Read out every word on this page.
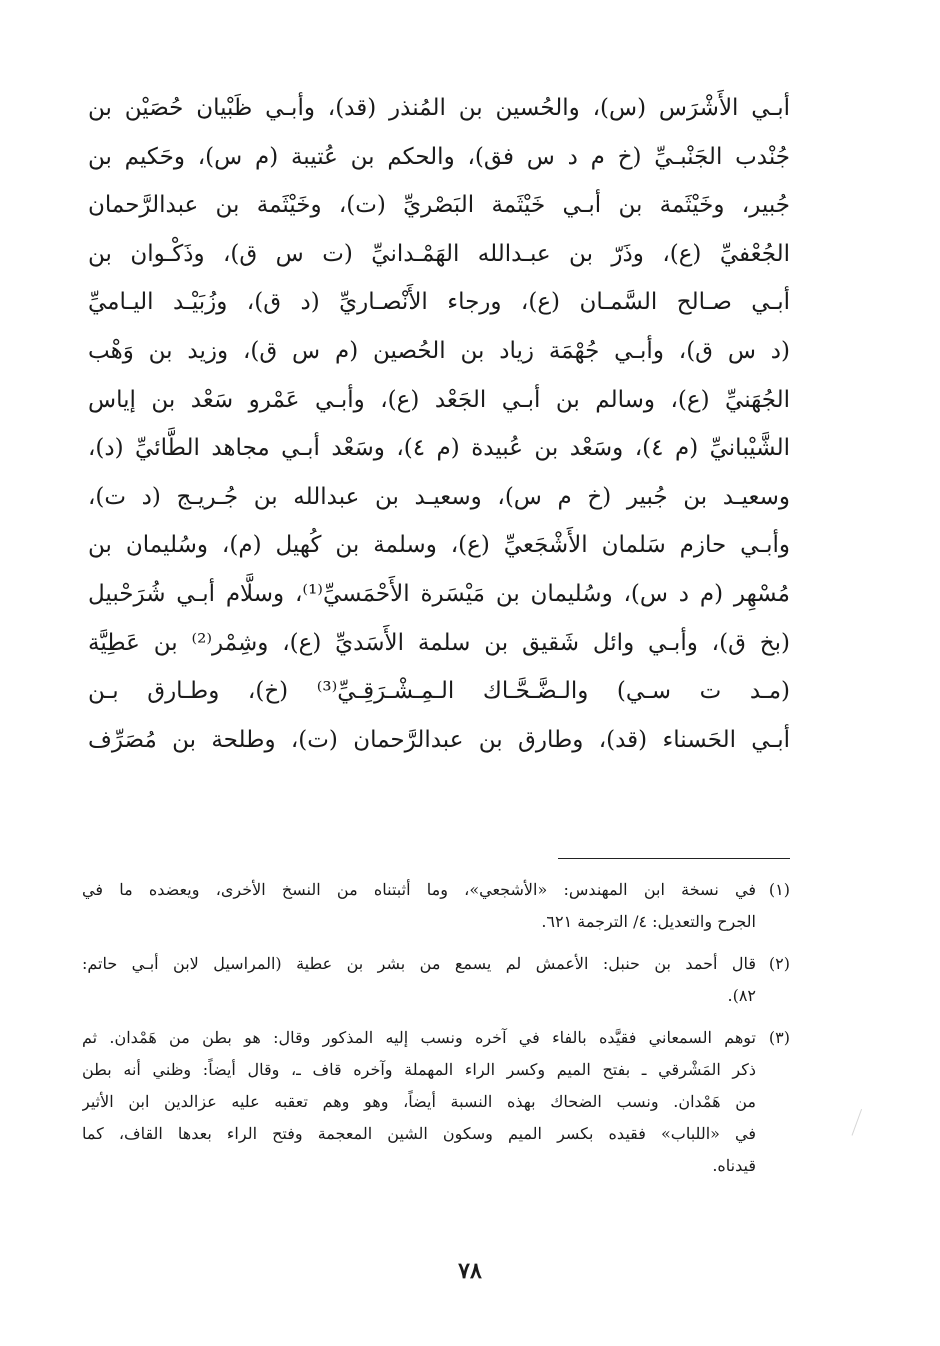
أبـي الأَشْرَس (س)، والحُسين بن المُنذر (قد)، وأبـي ظَبْيان حُصَيْن بن
جُنْدب الجَنْبـيِّ (خ م د س فق)، والحكم بن عُتيبة (م س)، وحَكيم بن
جُبير، وخَيْثَمة بن أبـي خَيْثَمة البَصْريِّ (ت)، وخَيْثَمة بن عبدالرَّحمان
الجُعْفيِّ (ع)، وذَرّ بن عبـدالله الهَمْـدانيِّ (ت س ق)، وذَكْـوان بن
أبـي صـالح السَّمـان (ع)، ورجاء الأَنْصـاريِّ (د ق)، وزُبَيْـد اليـاميِّ
(د س ق)، وأبـي جُهْمَة زياد بن الحُصين (م س ق)، وزيد بن وَهْب
الجُهَنيِّ (ع)، وسالم بن أبـي الجَعْد (ع)، وأبـي عَمْرو سَعْد بن إياس
الشَّيْبانيِّ (م ٤)، وسَعْد بن عُبيدة (م ٤)، وسَعْد أبـي مجاهد الطَّائيِّ (د)،
وسعيـد بن جُبير (خ م س)، وسعيـد بن عبدالله بن جُـريـج (د ت)،
وأبـي حازم سَلمان الأَشْجَعيِّ (ع)، وسلمة بن كُهيل (م)، وسُليمان بن
مُسْهِر (م د س)، وسُليمان بن مَيْسَرة الأَحْمَسيِّ⁽¹⁾، وسلَّام أبـي شُرَحْبيل
(بخ ق)، وأبـي وائل شَقيق بن سلمة الأَسَديِّ (ع)، وشِمْر⁽²⁾ بن عَطِيَّة
(مـد ت سـي) والـضَّـحَّـاك الـمِـشْـرَقِـيِّ⁽³⁾ (خ)، وطـارق بـن
أبـي الحَسناء (قد)، وطارق بن عبدالرَّحمان (ت)، وطلحة بن مُصَرِّف
(١)
في نسخة ابن المهندس: «الأشجعي»، وما أثبتناه من النسخ الأخرى، ويعضده ما في
الجرح والتعديل: ٤/ الترجمة ٦٢١.
(٢)
قال أحمد بن حنبل: الأعمش لم يسمع من بشر بن عطية (المراسيل لابن أبـي حاتم:
٨٢).
(٣)
توهم السمعاني فقيَّده بالفاء في آخره ونسب إليه المذكور وقال: هو بطن من هَمْدان. ثم
ذكر المَشْرقي ـ بفتح الميم وكسر الراء المهملة وآخره قاف ـ، وقال أيضاً: وظني أنه بطن
من هَمْدان. ونسب الضحاك بهذه النسبة أيضاً، وهو وهم تعقبه عليه عزالدين ابن الأثير
في «اللباب» فقيده بكسر الميم وسكون الشين المعجمة وفتح الراء بعدها القاف، كما
قيدناه.
٧٨
